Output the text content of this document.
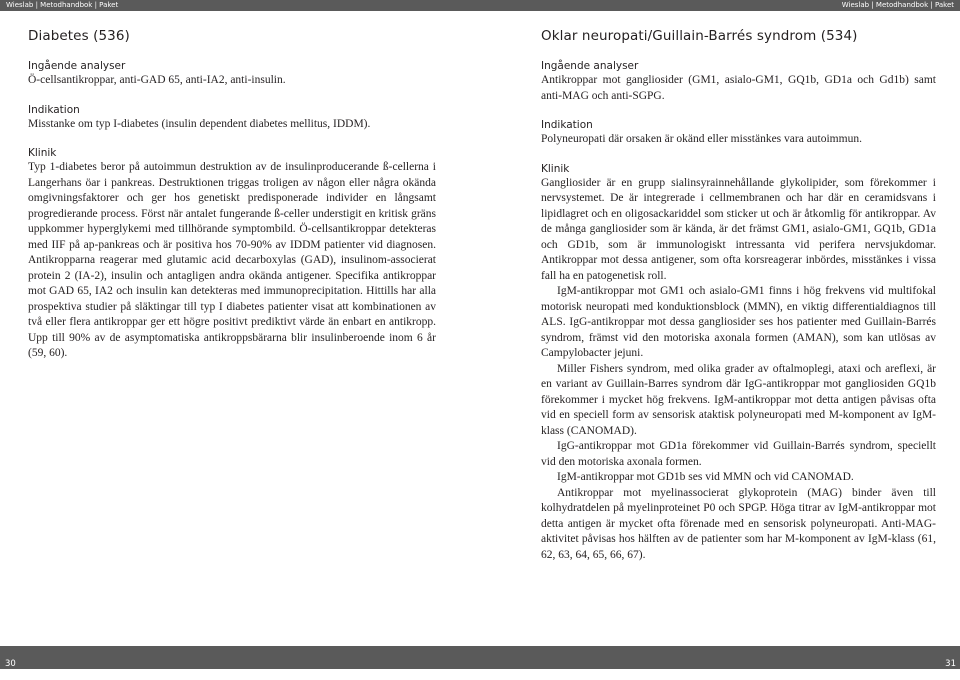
Wieslab | Metodhandbok | Paket	Wieslab | Metodhandbok | Paket
Diabetes (536)
Ingående analyser

Ö-cellsantikroppar, anti-GAD 65, anti-IA2, anti-insulin.

Indikation

Misstanke om typ I-diabetes (insulin dependent diabetes mellitus, IDDM).

Klinik

Typ 1-diabetes beror på autoimmun destruktion av de insulinproducerande ß-cellerna i Langerhans öar i pankreas. Destruktionen triggas troligen av någon eller några okända omgivningsfaktorer och ger hos genetiskt predisponerade individer en långsamt progredierande process. Först när antalet fungerande ß-celler understigit en kritisk gräns uppkommer hyperglykemi med tillhörande symptombild. Ö-cellsantikroppar detekteras med IIF på ap-pankreas och är positiva hos 70-90% av IDDM patienter vid diagnosen. Antikropparna reagerar med glutamic acid decarboxylas (GAD), insulinom-associerat protein 2 (IA-2), insulin och antagligen andra okända antigener. Specifika antikroppar mot GAD 65, IA2 och insulin kan detekteras med immunoprecipitation. Hittills har alla prospektiva studier på släktingar till typ I diabetes patienter visat att kombinationen av två eller flera antikroppar ger ett högre positivt prediktivt värde än enbart en antikropp. Upp till 90% av de asymptomatiska antikroppsbärarna blir insulinberoende inom 6 år (59, 60).

Oklar neuropati/Guillain-Barrés syndrom (534)
Ingående analyser

Antikroppar mot gangliosider (GM1, asialo-GM1, GQ1b, GD1a och Gd1b) samt anti-MAG och anti-SGPG.

Indikation

Polyneuropati där orsaken är okänd eller misstänkes vara autoimmun.

Klinik

Gangliosider är en grupp sialinsyrainnehållande glykolipider, som förekommer i nervsystemet. De är integrerade i cellmembranen och har där en ceramidsvans i lipidlagret och en oligosackariddel som sticker ut och är åtkomlig för antikroppar. Av de många gangliosider som är kända, är det främst GM1, asialo-GM1, GQ1b, GD1a och GD1b, som är immunologiskt intressanta vid perifera nervsjukdomar. Antikroppar mot dessa antigener, som ofta korsreagerar inbördes, misstänkes i vissa fall ha en patogenetisk roll.

IgM-antikroppar mot GM1 och asialo-GM1 finns i hög frekvens vid multifokal motorisk neuropati med konduktionsblock (MMN), en viktig differentialdiagnos till ALS. IgG-antikroppar mot dessa gangliosider ses hos patienter med Guillain-Barrés syndrom, främst vid den motoriska axonala formen (AMAN), som kan utlösas av Campylobacter jejuni.

Miller Fishers syndrom, med olika grader av oftalmoplegi, ataxi och areflexi, är en variant av Guillain-Barres syndrom där IgG-antikroppar mot gangliosiden GQ1b förekommer i mycket hög frekvens. IgM-antikroppar mot detta antigen påvisas ofta vid en speciell form av sensorisk ataktisk polyneuropati med M-komponent av IgM-klass (CANOMAD).

IgG-antikroppar mot GD1a förekommer vid Guillain-Barrés syndrom, speciellt vid den motoriska axonala formen.

IgM-antikroppar mot GD1b ses vid MMN och vid CANOMAD.

Antikroppar mot myelinassocierat glykoprotein (MAG) binder även till kolhydratdelen på myelinproteinet P0 och SPGP. Höga titrar av IgM-antikroppar mot detta antigen är mycket ofta förenade med en sensorisk polyneuropati. Anti-MAG-aktivitet påvisas hos hälften av de patienter som har M-komponent av IgM-klass (61, 62, 63, 64, 65, 66, 67).

30	31
